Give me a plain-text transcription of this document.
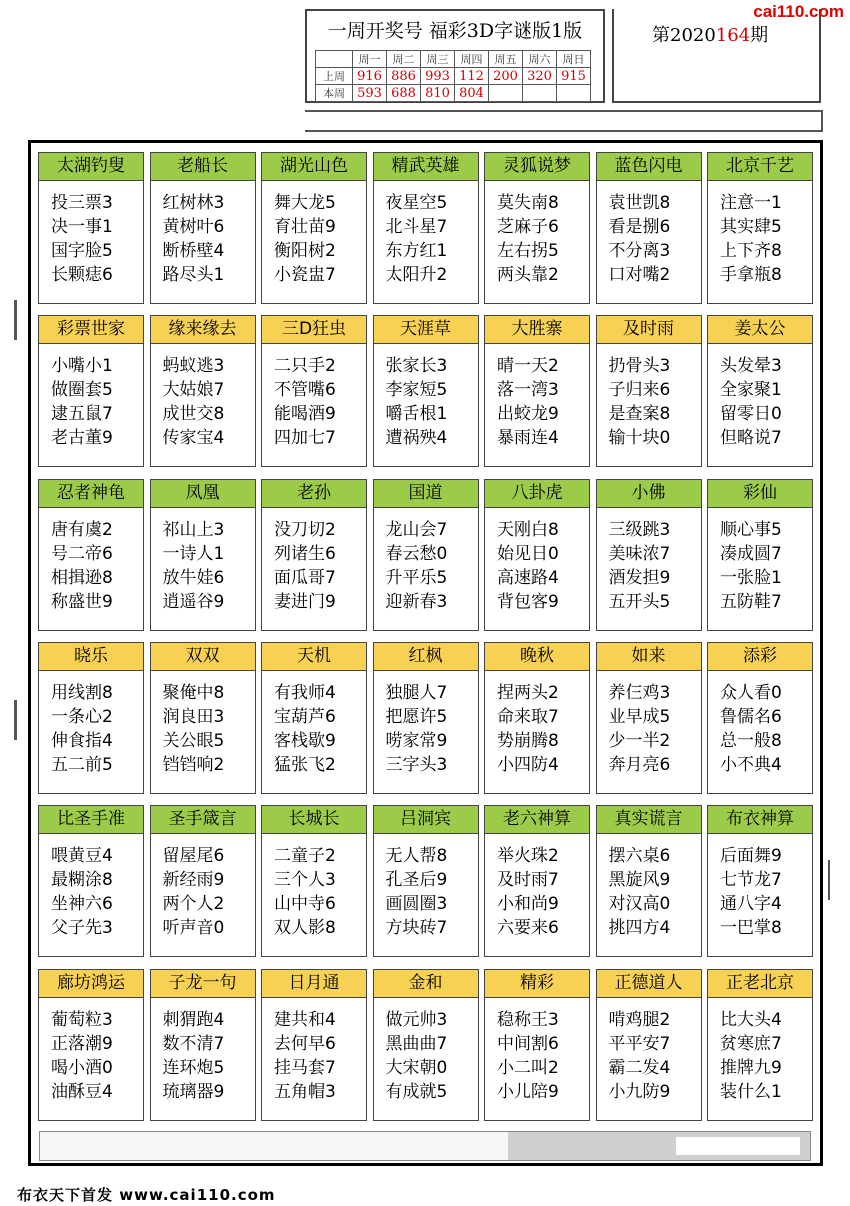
一周开奖号 福彩3D字谜版1版
	周一	周二	周三	周四	周五	周六	周日
上周	916	886	993	112	200	320	915
本周	593	688	810	804			
第2020164期
cai110.com
太湖钓叟
投三票3
决一事1
国字脸5
长颗痣6
老船长
红树林3
黄树叶6
断桥壁4
路尽头1
湖光山色
舞大龙5
育壮苗9
衡阳树2
小瓷盅7
精武英雄
夜星空5
北斗星7
东方红1
太阳升2
灵狐说梦
莫失南8
芝麻子6
左右拐5
两头靠2
蓝色闪电
袁世凯8
看是捌6
不分离3
口对嘴2
北京千艺
注意一1
其实肆5
上下齐8
手拿瓶8
彩票世家
小嘴小1
做圈套5
逮五鼠7
老古董9
缘来缘去
蚂蚁逃3
大姑娘7
成世交8
传家宝4
三D狂虫
二只手2
不管嘴6
能喝酒9
四加七7
天涯草
张家长3
李家短5
嚼舌根1
遭祸殃4
大胜寨
晴一天2
落一湾3
出蛟龙9
暴雨连4
及时雨
扔骨头3
子归来6
是查案8
输十块0
姜太公
头发晕3
全家聚1
留零日0
但略说7
忍者神龟
唐有虞2
号二帝6
相揖逊8
称盛世9
凤凰
祁山上3
一诗人1
放牛娃6
逍遥谷9
老孙
没刀切2
列诸生6
面瓜哥7
妻进门9
国道
龙山会7
春云愁0
升平乐5
迎新春3
八卦虎
天刚白8
始见日0
高速路4
背包客9
小佛
三级跳3
美味浓7
酒发担9
五开头5
彩仙
顺心事5
凑成圆7
一张脸1
五防鞋7
晓乐
用线割8
一条心2
伸食指4
五二前5
双双
聚俺中8
润良田3
关公眼5
铛铛响2
天机
有我师4
宝葫芦6
客栈歇9
猛张飞2
红枫
独腿人7
把愿许5
唠家常9
三字头3
晚秋
捏两头2
命来取7
势崩腾8
小四防4
如来
养仨鸡3
业早成5
少一半2
奔月亮6
添彩
众人看0
鲁儒名6
总一般8
小不典4
比圣手准
喂黄豆4
最糊涂8
坐神六6
父子先3
圣手箴言
留屋尾6
新经雨9
两个人2
听声音0
长城长
二童子2
三个人3
山中寺6
双人影8
吕洞宾
无人帮8
孔圣后9
画圆圈3
方块砖7
老六神算
举火珠2
及时雨7
小和尚9
六要来6
真实谎言
摆六桌6
黑旋风9
对汉高0
挑四方4
布衣神算
后面舞9
七节龙7
通八字4
一巴掌8
廊坊鸿运
葡萄粒3
正落潮9
喝小酒0
油酥豆4
子龙一句
刺猬跑4
数不清7
连环炮5
琉璃器9
日月通
建共和4
去何早6
挂马套7
五角帽3
金和
做元帅3
黑曲曲7
大宋朝0
有成就5
精彩
稳称王3
中间割6
小二叫2
小儿陪9
正德道人
啃鸡腿2
平平安7
霸二发4
小九防9
正老北京
比大头4
贫寒庶7
推牌九9
装什么1
布衣天下首发 www.cai110.com
